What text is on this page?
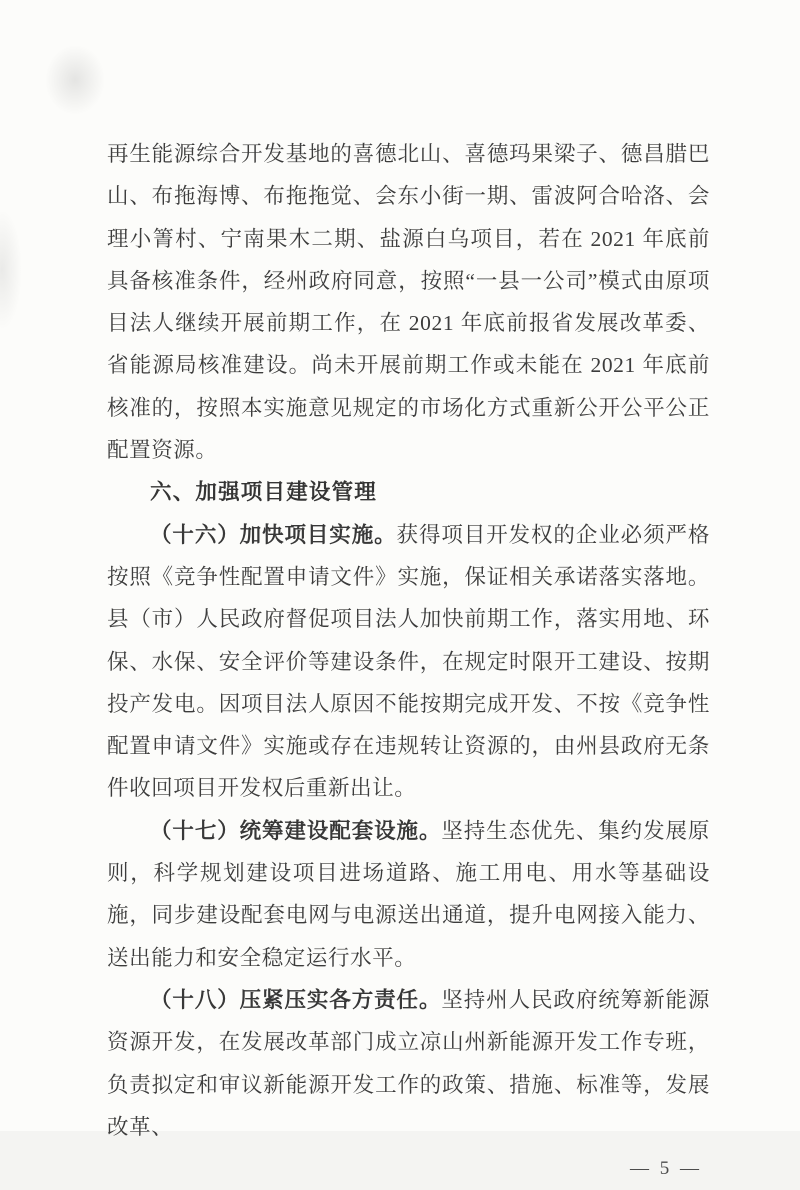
再生能源综合开发基地的喜德北山、喜德玛果梁子、德昌腊巴山、布拖海博、布拖拖觉、会东小街一期、雷波阿合哈洛、会理小箐村、宁南果木二期、盐源白乌项目，若在 2021 年底前具备核准条件，经州政府同意，按照“一县一公司”模式由原项目法人继续开展前期工作，在 2021 年底前报省发展改革委、省能源局核准建设。尚未开展前期工作或未能在 2021 年底前核准的，按照本实施意见规定的市场化方式重新公开公平公正配置资源。

六、加强项目建设管理

（十六）加快项目实施。获得项目开发权的企业必须严格按照《竞争性配置申请文件》实施，保证相关承诺落实落地。县（市）人民政府督促项目法人加快前期工作，落实用地、环保、水保、安全评价等建设条件，在规定时限开工建设、按期投产发电。因项目法人原因不能按期完成开发、不按《竞争性配置申请文件》实施或存在违规转让资源的，由州县政府无条件收回项目开发权后重新出让。

（十七）统筹建设配套设施。坚持生态优先、集约发展原则，科学规划建设项目进场道路、施工用电、用水等基础设施，同步建设配套电网与电源送出通道，提升电网接入能力、送出能力和安全稳定运行水平。

（十八）压紧压实各方责任。坚持州人民政府统筹新能源资源开发，在发展改革部门成立凉山州新能源开发工作专班，负责拟定和审议新能源开发工作的政策、措施、标准等，发展改革、

— 5 —
